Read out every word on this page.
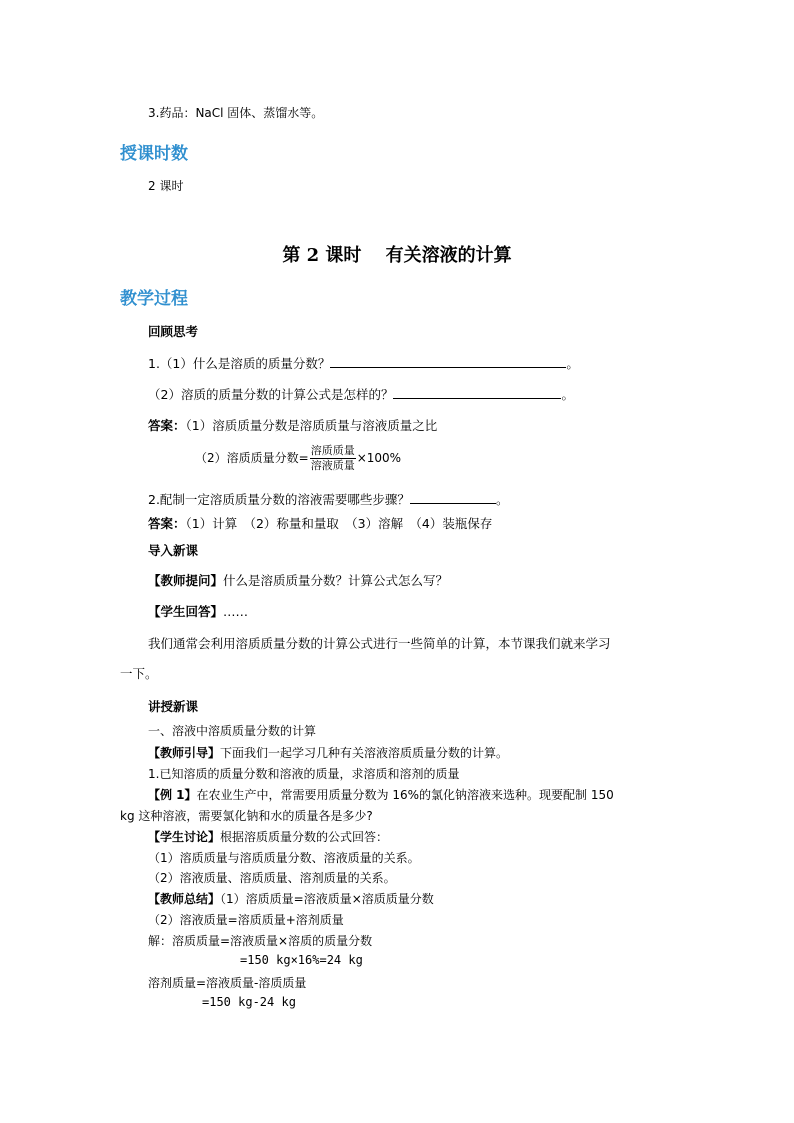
3.药品：NaCl 固体、蒸馏水等。
授课时数
2 课时
第 2 课时　 有关溶液的计算
教学过程
回顾思考
1.（1）什么是溶质的质量分数？	。
（2）溶质的质量分数的计算公式是怎样的？	。
答案：（1）溶质质量分数是溶质质量与溶液质量之比
（2）溶质质量分数= $\frac{\text{溶质质量}}{\text{溶液质量}} \times 100\%$
2.配制一定溶质质量分数的溶液需要哪些步骤？	。
答案：（1）计算　（2）称量和量取　（3）溶解　（4）装瓶保存
导入新课
【教师提问】什么是溶质质量分数？计算公式怎么写？
【学生回答】……
我们通常会利用溶质质量分数的计算公式进行一些简单的计算，本节课我们就来学习
一下。
讲授新课
一、溶液中溶质质量分数的计算
【教师引导】下面我们一起学习几种有关溶液溶质质量分数的计算。
1.已知溶质的质量分数和溶液的质量，求溶质和溶剂的质量
【例 1】在农业生产中，常需要用质量分数为 16%的氯化钠溶液来选种。现要配制 150
kg 这种溶液，需要氯化钠和水的质量各是多少?
【学生讨论】根据溶质质量分数的公式回答：
（1）溶质质量与溶质质量分数、溶液质量的关系。
（2）溶液质量、溶质质量、溶剂质量的关系。
【教师总结】（1）溶质质量=溶液质量×溶质质量分数
（2）溶液质量=溶质质量+溶剂质量
解：溶质质量=溶液质量×溶质的质量分数
=150 kg×16%=24 kg
溶剂质量=溶液质量-溶质质量
=150 kg-24 kg
